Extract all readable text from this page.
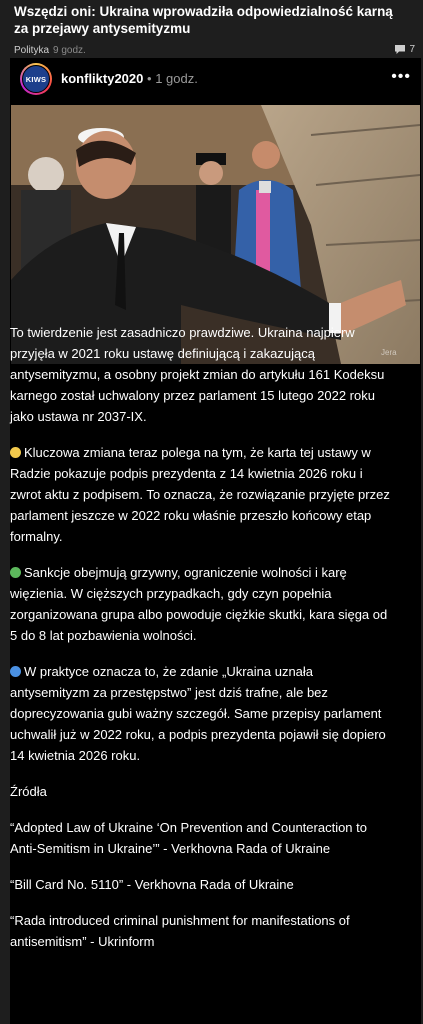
Wszędzi oni: Ukraina wprowadziła odpowiedzialność karną za przejawy antysemityzmu
Polityka 9 godz.	7
KIWS konflikty2020 • 1 godz.	•••
Jera

To twierdzenie jest zasadniczo prawdziwe. Ukraina najpierw przyjęła w 2021 roku ustawę definiującą i zakazującą antysemityzmu, a osobny projekt zmian do artykułu 161 Kodeksu karnego został uchwalony przez parlament 15 lutego 2022 roku jako ustawa nr 2037-IX.

Kluczowa zmiana teraz polega na tym, że karta tej ustawy w Radzie pokazuje podpis prezydenta z 14 kwietnia 2026 roku i zwrot aktu z podpisem. To oznacza, że rozwiązanie przyjęte przez parlament jeszcze w 2022 roku właśnie przeszło końcowy etap formalny.

Sankcje obejmują grzywny, ograniczenie wolności i karę więzienia. W cięższych przypadkach, gdy czyn popełnia zorganizowana grupa albo powoduje ciężkie skutki, kara sięga od 5 do 8 lat pozbawienia wolności.

W praktyce oznacza to, że zdanie „Ukraina uznała antysemityzm za przestępstwo” jest dziś trafne, ale bez doprecyzowania gubi ważny szczegół. Same przepisy parlament uchwalił już w 2022 roku, a podpis prezydenta pojawił się dopiero 14 kwietnia 2026 roku.

Źródła

“Adopted Law of Ukraine ‘On Prevention and Counteraction to Anti-Semitism in Ukraine’” - Verkhovna Rada of Ukraine

“Bill Card No. 5110” - Verkhovna Rada of Ukraine

“Rada introduced criminal punishment for manifestations of antisemitism” - Ukrinform
